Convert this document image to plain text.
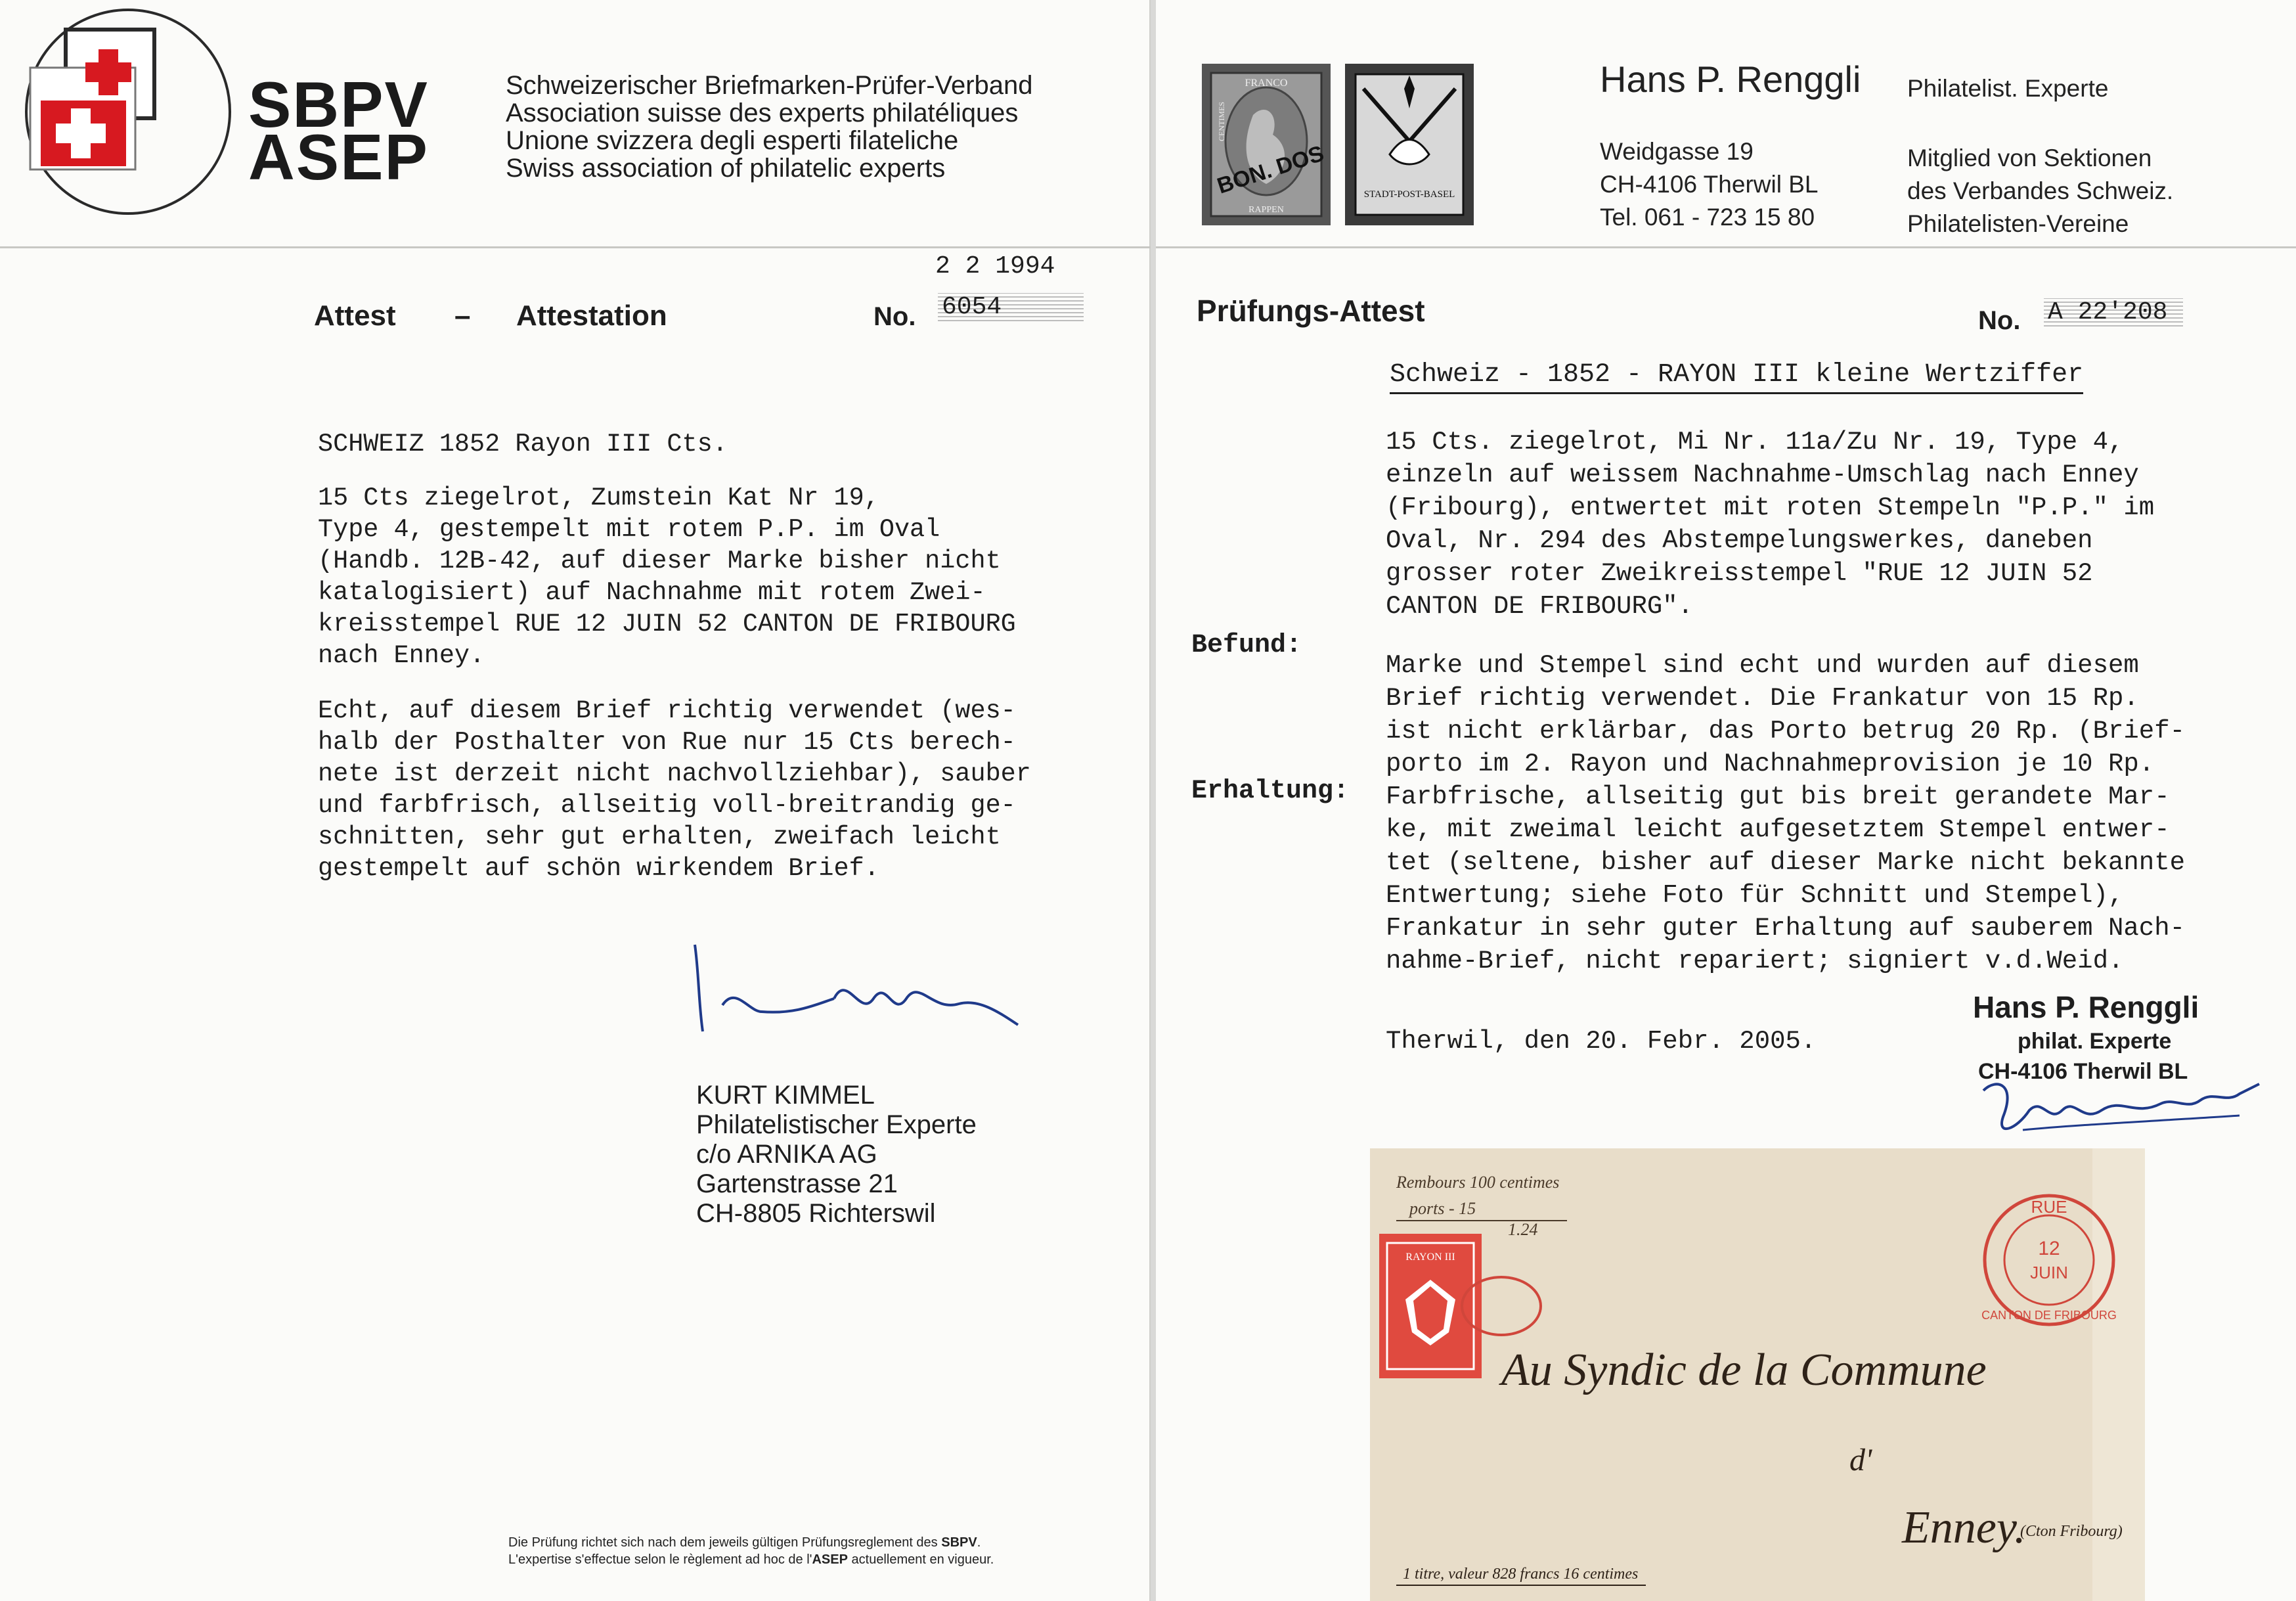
SBPV
ASEP
Schweizerischer Briefmarken-Prüfer-Verband
Association suisse des experts philatéliques
Unione svizzera degli esperti filateliche
Swiss association of philatelic experts
2 2 1994
Attest – Attestation	No. 6054
SCHWEIZ 1852 Rayon III Cts.
15 Cts ziegelrot, Zumstein Kat Nr 19,
Type 4, gestempelt mit rotem P.P. im Oval
(Handb. 12B-42, auf dieser Marke bisher nicht
katalogisiert) auf Nachnahme mit rotem Zwei-
kreisstempel RUE 12 JUIN 52 CANTON DE FRIBOURG
nach Enney.
Echt, auf diesem Brief richtig verwendet (wes-
halb der Posthalter von Rue nur 15 Cts berech-
nete ist derzeit nicht nachvollziehbar), sauber
und farbfrisch, allseitig voll-breitrandig ge-
schnitten, sehr gut erhalten, zweifach leicht
gestempelt auf schön wirkendem Brief.
KURT KIMMEL
Philatelistischer Experte
c/o ARNIKA AG
Gartenstrasse 21
CH-8805 Richterswil
Die Prüfung richtet sich nach dem jeweils gültigen Prüfungsreglement des SBPV.
L'expertise s'effectue selon le règlement ad hoc de l'ASEP actuellement en vigueur.
FRANCO
CENTIMES
RAPPEN
BON. DOS	STADT-POST-BASEL
Hans P. Renggli Philatelist. Experte
Weidgasse 19
CH-4106 Therwil BL
Tel. 061 - 723 15 80
Mitglied von Sektionen
des Verbandes Schweiz.
Philatelisten-Vereine
Prüfungs-Attest	No. A 22'208
Schweiz - 1852 - RAYON III kleine Wertziffer
15 Cts. ziegelrot, Mi Nr. 11a/Zu Nr. 19, Type 4,
einzeln auf weissem Nachnahme-Umschlag nach Enney
(Fribourg), entwertet mit roten Stempeln "P.P." im
Oval, Nr. 294 des Abstempelungswerkes, daneben
grosser roter Zweikreisstempel "RUE 12 JUIN 52
CANTON DE FRIBOURG".
Befund:
Marke und Stempel sind echt und wurden auf diesem
Brief richtig verwendet. Die Frankatur von 15 Rp.
ist nicht erklärbar, das Porto betrug 20 Rp. (Brief-
porto im 2. Rayon und Nachnahmeprovision je 10 Rp.
Erhaltung: Farbfrische, allseitig gut bis breit gerandete Mar-
ke, mit zweimal leicht aufgesetztem Stempel entwer-
tet (seltene, bisher auf dieser Marke nicht bekannte
Entwertung; siehe Foto für Schnitt und Stempel),
Frankatur in sehr guter Erhaltung auf sauberem Nach-
nahme-Brief, nicht repariert; signiert v.d.Weid.
Therwil, den 20. Febr. 2005.
Hans P. Renggli
philat. Experte
CH-4106 Therwil BL
Rembours 100 centimes
ports - 15
1.24
RUE
12
JUIN
CANTON DE FRIBOURG
RAYON III
Au Syndic de la Commune
d'
Enney.
(Cton Fribourg)
1 titre, valeur 828 francs 16 centimes
